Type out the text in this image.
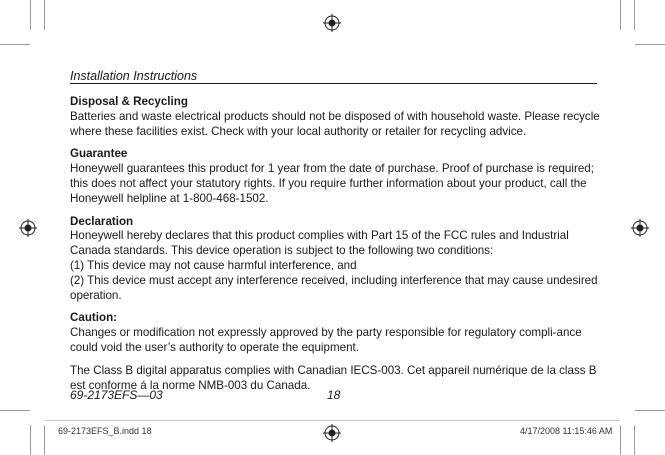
Installation Instructions
Disposal & Recycling

Batteries and waste electrical products should not be disposed of with household waste. Please recycle where these facilities exist. Check with your local authority or retailer for recycling advice.

Guarantee

Honeywell guarantees this product for 1 year from the date of purchase. Proof of purchase is required; this does not affect your statutory rights. If you require further information about your product, call the Honeywell helpline at 1-800-468-1502.

Declaration

Honeywell hereby declares that this product complies with Part 15 of the FCC rules and Industrial Canada standards. This device operation is subject to the following two conditions:

(1) This device may not cause harmful interference, and

(2) This device must accept any interference received, including interference that may cause undesired operation.

Caution:

Changes or modification not expressly approved by the party responsible for regulatory compli-ance could void the user’s authority to operate the equipment.

The Class B digital apparatus complies with Canadian IECS-003. Cet appareil numérique de la class B est conforme á la norme NMB-003 du Canada.

69-2173EFS—03	18
69-2173EFS_B.indd 18	4/17/2008 11:15:46 AM
